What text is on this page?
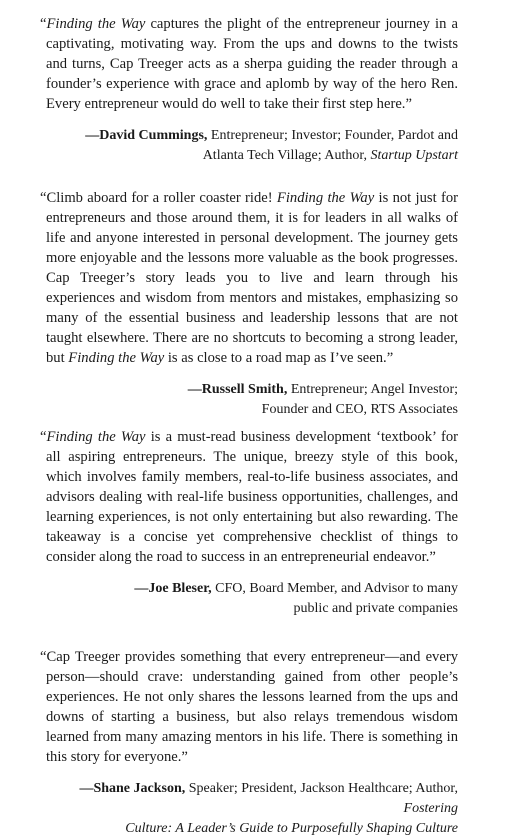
“Finding the Way captures the plight of the entrepreneur journey in a captivating, motivating way. From the ups and downs to the twists and turns, Cap Treeger acts as a sherpa guiding the reader through a founder’s experience with grace and aplomb by way of the hero Ren. Every entrepreneur would do well to take their first step here.”

—David Cummings, Entrepreneur; Investor; Founder, Pardot and
Atlanta Tech Village; Author, Startup Upstart

“Climb aboard for a roller coaster ride! Finding the Way is not just for entrepreneurs and those around them, it is for leaders in all walks of life and anyone interested in personal development. The journey gets more enjoyable and the lessons more valuable as the book progresses. Cap Treeger’s story leads you to live and learn through his experiences and wisdom from mentors and mistakes, emphasizing so many of the essential business and leadership lessons that are not taught elsewhere. There are no shortcuts to becoming a strong leader, but Finding the Way is as close to a road map as I’ve seen.”

—Russell Smith, Entrepreneur; Angel Investor;
Founder and CEO, RTS Associates

“Finding the Way is a must-read business development ‘textbook’ for all aspiring entrepreneurs. The unique, breezy style of this book, which involves family members, real-to-life business associates, and advisors dealing with real-life business opportunities, challenges, and learning experiences, is not only entertaining but also rewarding. The takeaway is a concise yet comprehensive checklist of things to consider along the road to success in an entrepreneurial endeavor.”

—Joe Bleser, CFO, Board Member, and Advisor to many
public and private companies

“Cap Treeger provides something that every entrepreneur—and every person—should crave: understanding gained from other people’s experiences. He not only shares the lessons learned from the ups and downs of starting a business, but also relays tremendous wisdom learned from many amazing mentors in his life. There is something in this story for everyone.”

—Shane Jackson, Speaker; President, Jackson Healthcare; Author, Fostering
Culture: A Leader’s Guide to Purposefully Shaping Culture
